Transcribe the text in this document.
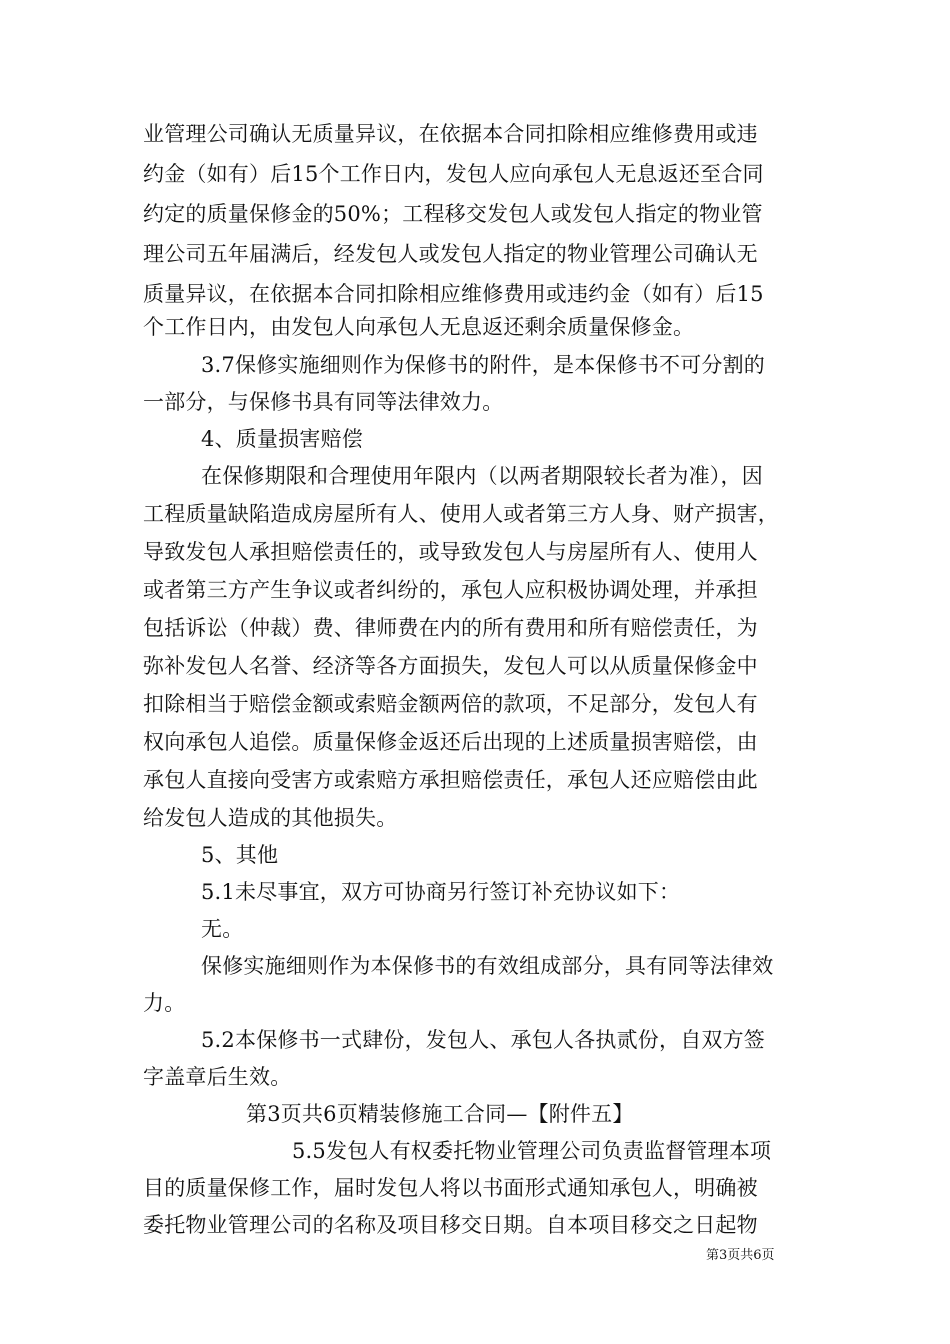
业管理公司确认无质量异议，在依据本合同扣除相应维修费用或违
约金（如有）后15个工作日内，发包人应向承包人无息返还至合同
约定的质量保修金的50%；工程移交发包人或发包人指定的物业管
理公司五年届满后，经发包人或发包人指定的物业管理公司确认无
质量异议，在依据本合同扣除相应维修费用或违约金（如有）后15
个工作日内，由发包人向承包人无息返还剩余质量保修金。
3.7保修实施细则作为保修书的附件，是本保修书不可分割的
一部分，与保修书具有同等法律效力。
4、质量损害赔偿
在保修期限和合理使用年限内（以两者期限较长者为准），因
工程质量缺陷造成房屋所有人、使用人或者第三方人身、财产损害，
导致发包人承担赔偿责任的，或导致发包人与房屋所有人、使用人
或者第三方产生争议或者纠纷的，承包人应积极协调处理，并承担
包括诉讼（仲裁）费、律师费在内的所有费用和所有赔偿责任，为
弥补发包人名誉、经济等各方面损失，发包人可以从质量保修金中
扣除相当于赔偿金额或索赔金额两倍的款项，不足部分，发包人有
权向承包人追偿。质量保修金返还后出现的上述质量损害赔偿，由
承包人直接向受害方或索赔方承担赔偿责任，承包人还应赔偿由此
给发包人造成的其他损失。
5、其他
5.1未尽事宜，双方可协商另行签订补充协议如下：
无。
保修实施细则作为本保修书的有效组成部分，具有同等法律效
力。
5.2本保修书一式肆份，发包人、承包人各执贰份，自双方签
字盖章后生效。
第3页共6页精装修施工合同—【附件五】
5.5发包人有权委托物业管理公司负责监督管理本项
目的质量保修工作，届时发包人将以书面形式通知承包人，明确被
委托物业管理公司的名称及项目移交日期。自本项目移交之日起物
第3页共6页
